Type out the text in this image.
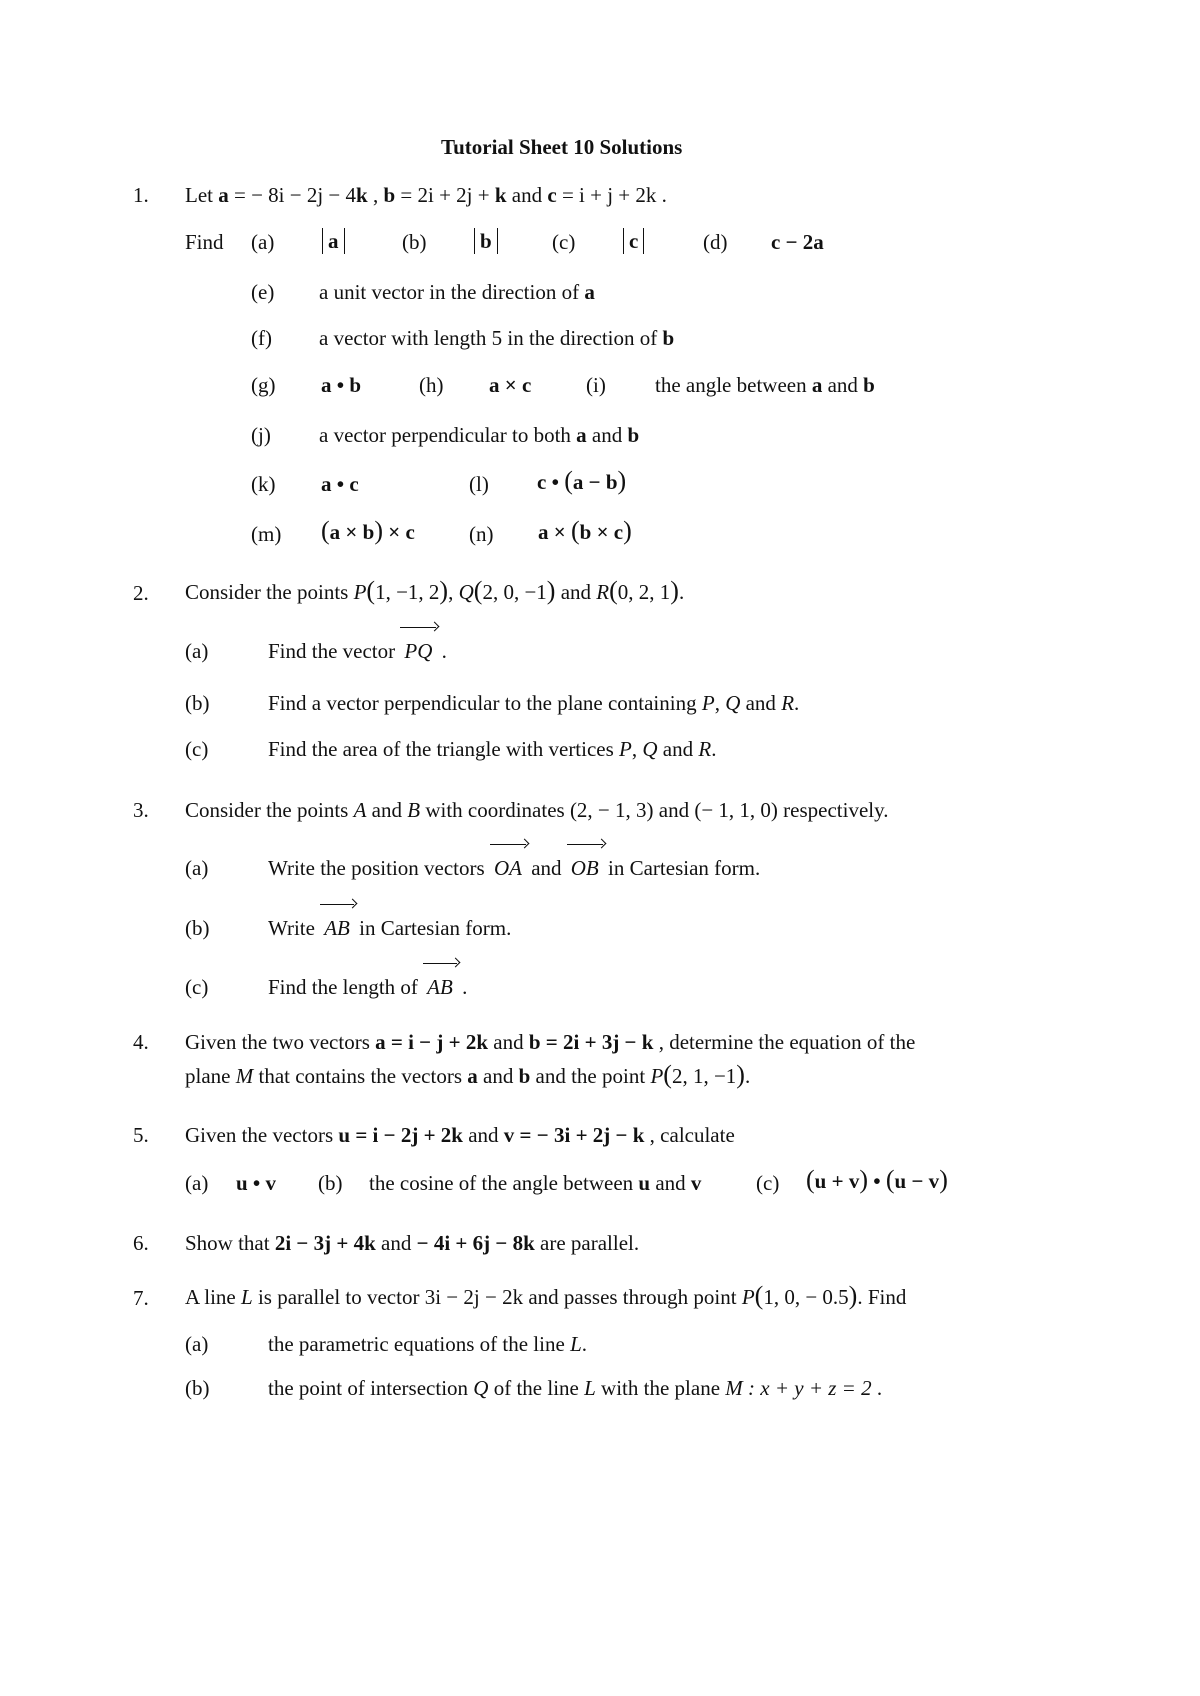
Tutorial Sheet 10 Solutions
1. Let a = − 8i − 2j − 4k , b = 2i + 2j + k and c = i + j + 2k .
Find (a)	a	(b)	b	(c)	c	(d) c − 2a
(e) a unit vector in the direction of a
(f) a vector with length 5 in the direction of b
(g) a • b	(h) a × c	(i) the angle between a and b
(j) a vector perpendicular to both a and b
(k) a • c	(l) c • (a − b)
(m) (a × b) × c	(n) a × (b × c)
2. Consider the points P(1, −1, 2), Q(2, 0, −1) and R(0, 2, 1).
(a)	Find the vector
PQ .
(b)	Find a vector perpendicular to the plane containing P, Q and R.
(c)	Find the area of the triangle with vertices P, Q and R.
3. Consider the points A and B with coordinates (2, − 1, 3) and (− 1, 1, 0) respectively.
(a)	Write the position vectors
OA and
OB in Cartesian form.
(b)	Write
AB in Cartesian form.
(c)	Find the length of
AB .
4. Given the two vectors a = i − j + 2k and b = 2i + 3j − k , determine the equation of the
plane M that contains the vectors a and b and the point P(2, 1, −1).
5. Given the vectors u = i − 2j + 2k and v = − 3i + 2j − k , calculate
(a) u • v (b) the cosine of the angle between u and v	(c) (u + v) • (u − v)
6. Show that 2i − 3j + 4k and − 4i + 6j − 8k are parallel.
7. A line L is parallel to vector 3i − 2j − 2k and passes through point P(1, 0, − 0.5). Find
(a)	the parametric equations of the line L.
(b)	the point of intersection Q of the line L with the plane M : x + y + z = 2 .
